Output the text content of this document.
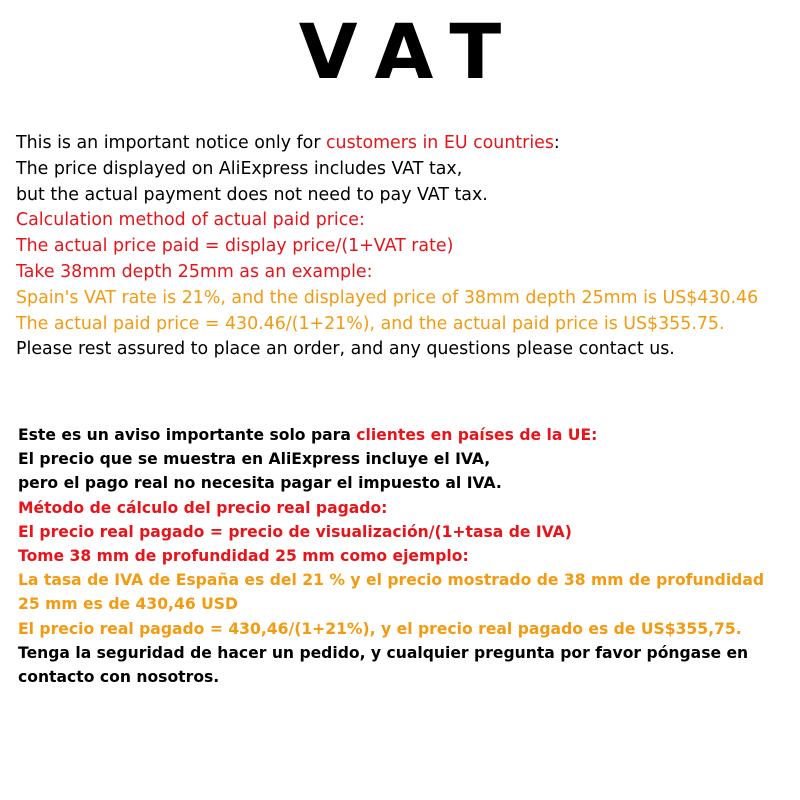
VAT
This is an important notice only for customers in EU countries:
The price displayed on AliExpress includes VAT tax,
but the actual payment does not need to pay VAT tax.
Calculation method of actual paid price:
The actual price paid = display price/(1+VAT rate)
Take 38mm depth 25mm as an example:
Spain's VAT rate is 21%, and the displayed price of 38mm depth 25mm is US$430.46
The actual paid price = 430.46/(1+21%), and the actual paid price is US$355.75.
Please rest assured to place an order, and any questions please contact us.
Este es un aviso importante solo para clientes en países de la UE:
El precio que se muestra en AliExpress incluye el IVA,
pero el pago real no necesita pagar el impuesto al IVA.
Método de cálculo del precio real pagado:
El precio real pagado = precio de visualización/(1+tasa de IVA)
Tome 38 mm de profundidad 25 mm como ejemplo:
La tasa de IVA de España es del 21 % y el precio mostrado de 38 mm de profundidad 25 mm es de 430,46 USD
El precio real pagado = 430,46/(1+21%), y el precio real pagado es de US$355,75.
Tenga la seguridad de hacer un pedido, y cualquier pregunta por favor póngase en contacto con nosotros.
